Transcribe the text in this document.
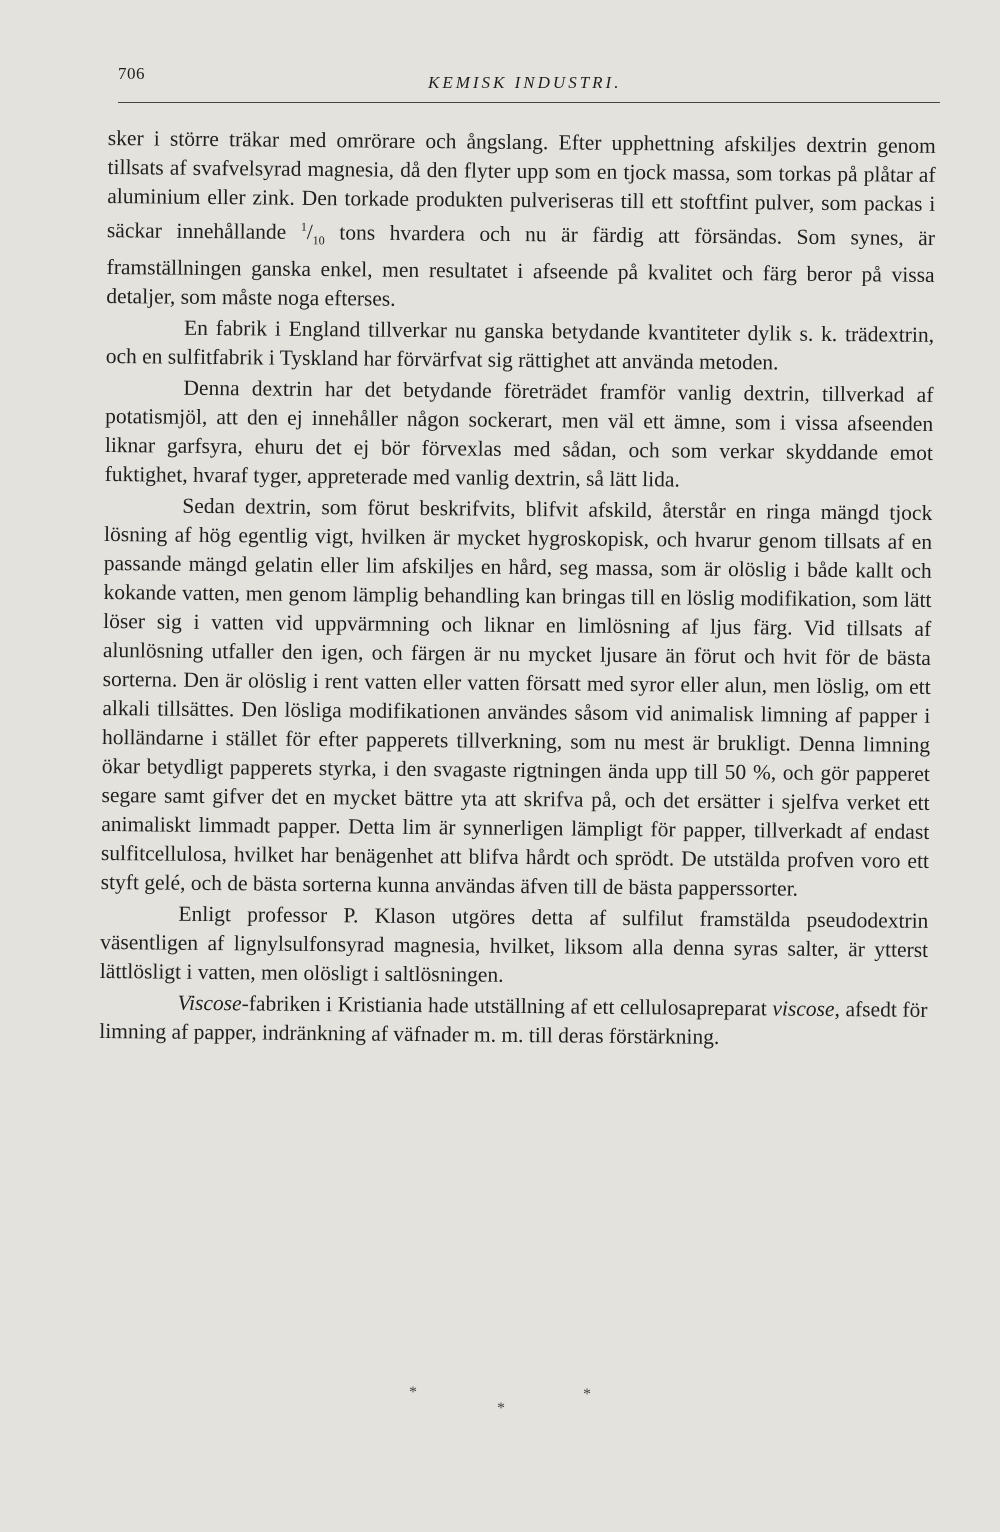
706	KEMISK INDUSTRI.

sker i större träkar med omrörare och ångslang. Efter upphettning afskiljes dextrin genom tillsats af svafvelsyrad magnesia, då den flyter upp som en tjock massa, som torkas på plåtar af aluminium eller zink. Den torkade produkten pulveriseras till ett stoftfint pulver, som packas i säckar innehållande $^1/_{10}$ tons hvardera och nu är färdig att försändas. Som synes, är framställningen ganska enkel, men resultatet i afseende på kvalitet och färg beror på vissa detaljer, som måste noga efterses.

En fabrik i England tillverkar nu ganska betydande kvantiteter dylik s. k. trädextrin, och en sulfitfabrik i Tyskland har förvärfvat sig rättighet att använda metoden.

Denna dextrin har det betydande företrädet framför vanlig dextrin, tillverkad af potatismjöl, att den ej innehåller någon sockerart, men väl ett ämne, som i vissa afseenden liknar garfsyra, ehuru det ej bör förvexlas med sådan, och som verkar skyddande emot fuktighet, hvaraf tyger, appreterade med vanlig dextrin, så lätt lida.

Sedan dextrin, som förut beskrifvits, blifvit afskild, återstår en ringa mängd tjock lösning af hög egentlig vigt, hvilken är mycket hygroskopisk, och hvarur genom tillsats af en passande mängd gelatin eller lim afskiljes en hård, seg massa, som är olöslig i både kallt och kokande vatten, men genom lämplig behandling kan bringas till en löslig modifikation, som lätt löser sig i vatten vid uppvärmning och liknar en limlösning af ljus färg. Vid tillsats af alunlösning utfaller den igen, och färgen är nu mycket ljusare än förut och hvit för de bästa sorterna. Den är olöslig i rent vatten eller vatten försatt med syror eller alun, men löslig, om ett alkali tillsättes. Den lösliga modifikationen användes såsom vid animalisk limning af papper i holländarne i stället för efter papperets tillverkning, som nu mest är brukligt. Denna limning ökar betydligt papperets styrka, i den svagaste rigtningen ända upp till 50 %, och gör papperet segare samt gifver det en mycket bättre yta att skrifva på, och det ersätter i sjelfva verket ett animaliskt limmadt papper. Detta lim är synnerligen lämpligt för papper, tillverkadt af endast sulfitcellulosa, hvilket har benägenhet att blifva hårdt och sprödt. De utstälda profven voro ett styft gelé, och de bästa sorterna kunna användas äfven till de bästa papperssorter.

Enligt professor P. Klason utgöres detta af sulfilut framstälda pseudodextrin väsentligen af lignylsulfonsyrad magnesia, hvilket, liksom alla denna syras salter, är ytterst lättlösligt i vatten, men olösligt i saltlösningen.

Viscose-fabriken i Kristiania hade utställning af ett cellulosapreparat viscose, afsedt för limning af papper, indränkning af väfnader m. m. till deras förstärkning.

*	*
*
